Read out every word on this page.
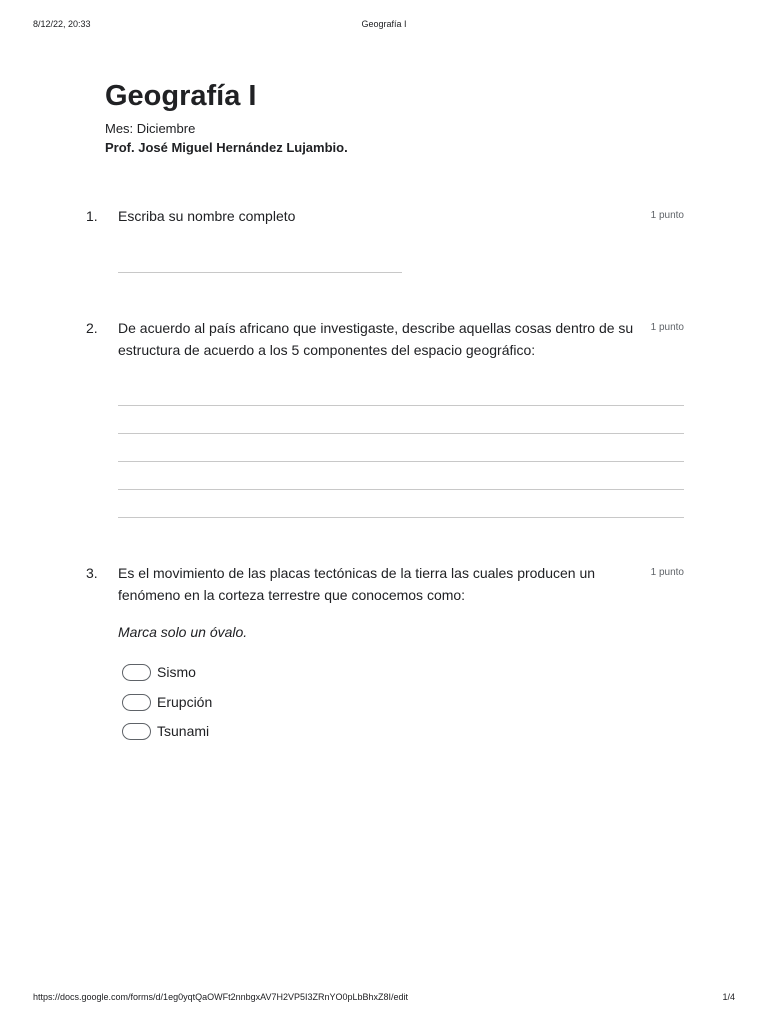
8/12/22, 20:33	Geografía I
Geografía I
Mes: Diciembre
Prof. José Miguel Hernández Lujambio.
1.	Escriba su nombre completo	1 punto
2.	De acuerdo al país africano que investigaste, describe aquellas cosas dentro de su estructura de acuerdo a los 5 componentes del espacio geográfico:
1 punto
3.	Es el movimiento de las placas tectónicas de la tierra las cuales producen un fenómeno en la corteza terrestre que conocemos como:
1 punto
Marca solo un óvalo.
Sismo
Erupción
Tsunami
https://docs.google.com/forms/d/1eg0yqtQaOWFt2nnbgxAV7H2VP5I3ZRnYO0pLbBhxZ8I/edit	1/4
